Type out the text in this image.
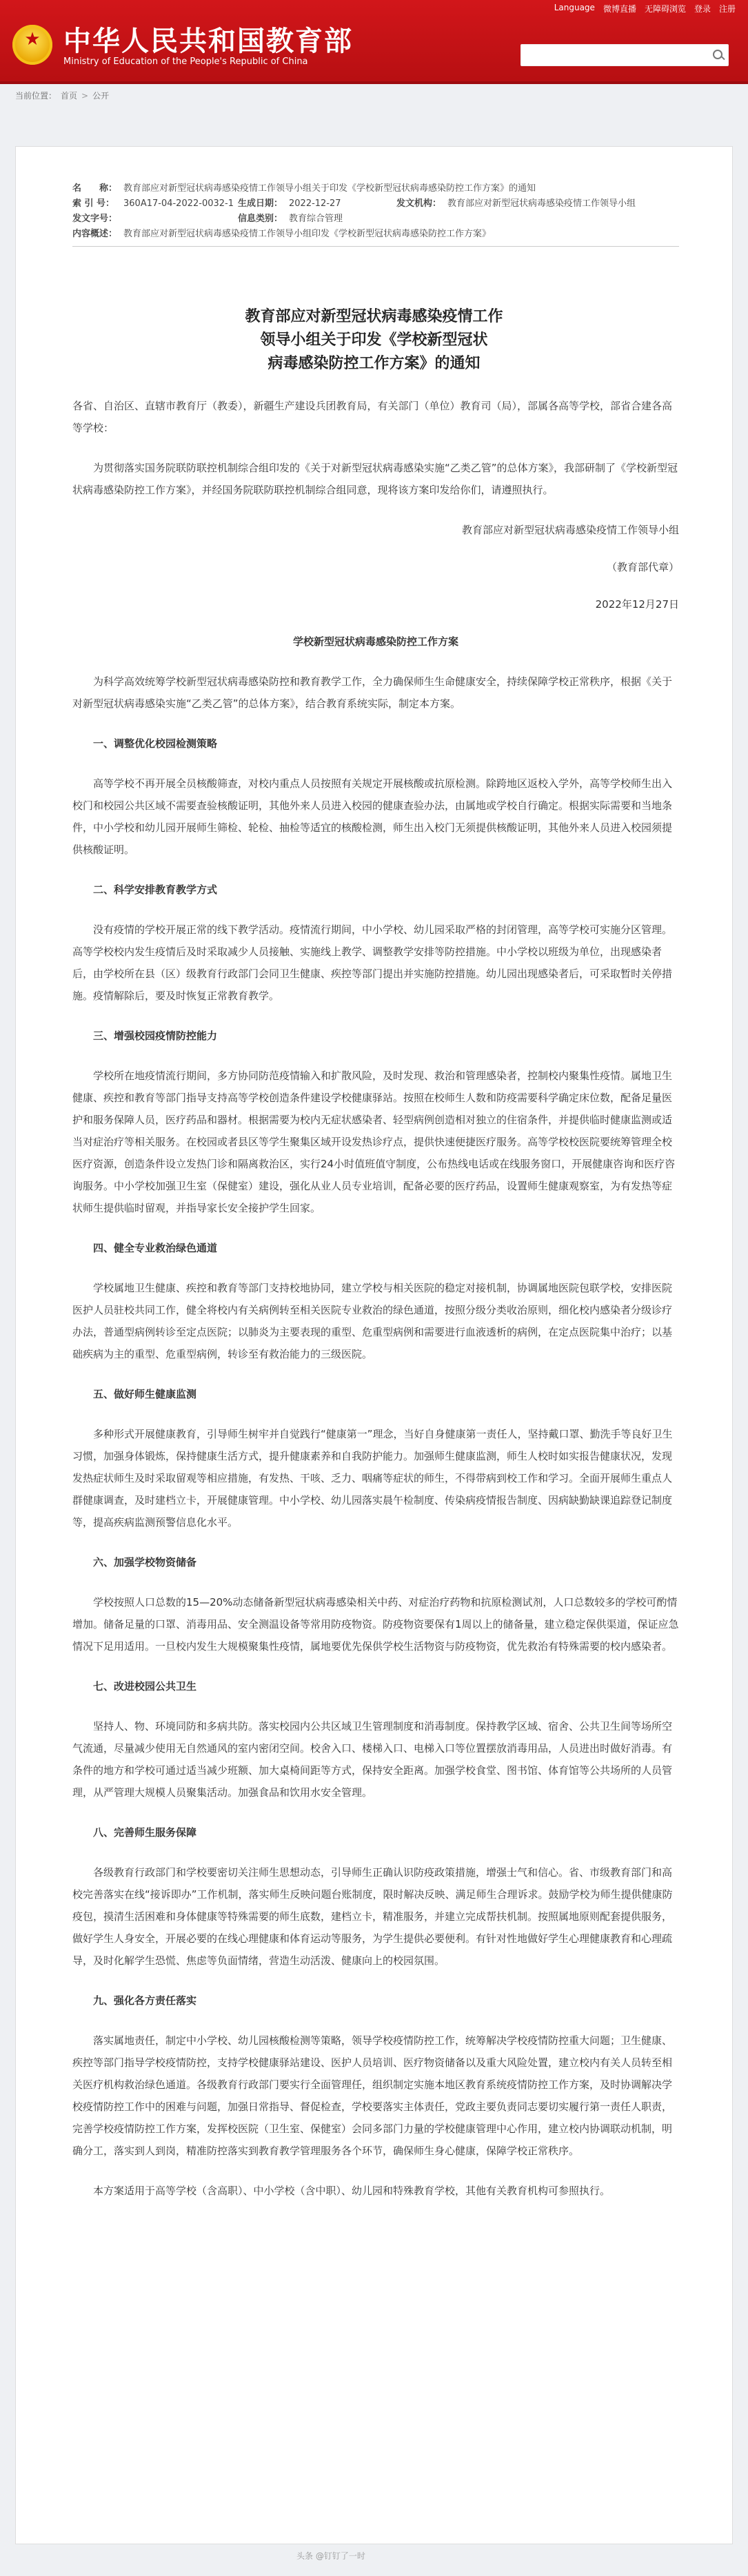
Language 微博直播 无障碍浏览 登录 注册
★
中华人民共和国教育部
Ministry of Education of the People's Republic of China
当前位置： 首页 > 公开
名　　称： 教育部应对新型冠状病毒感染疫情工作领导小组关于印发《学校新型冠状病毒感染防控工作方案》的通知
索 引 号： 360A17-04-2022-0032-1 生成日期： 2022-12-27	发文机构： 教育部应对新型冠状病毒感染疫情工作领导小组
发文字号：	信息类别： 教育综合管理
内容概述： 教育部应对新型冠状病毒感染疫情工作领导小组印发《学校新型冠状病毒感染防控工作方案》
教育部应对新型冠状病毒感染疫情工作
领导小组关于印发《学校新型冠状
病毒感染防控工作方案》的通知

各省、自治区、直辖市教育厅（教委），新疆生产建设兵团教育局，有关部门（单位）教育司（局），部属各高等学校，部省合建各高等学校：

为贯彻落实国务院联防联控机制综合组印发的《关于对新型冠状病毒感染实施“乙类乙管”的总体方案》，我部研制了《学校新型冠状病毒感染防控工作方案》，并经国务院联防联控机制综合组同意，现将该方案印发给你们，请遵照执行。

教育部应对新型冠状病毒感染疫情工作领导小组

（教育部代章）

2022年12月27日

学校新型冠状病毒感染防控工作方案

为科学高效统筹学校新型冠状病毒感染防控和教育教学工作，全力确保师生生命健康安全，持续保障学校正常秩序，根据《关于对新型冠状病毒感染实施“乙类乙管”的总体方案》，结合教育系统实际，制定本方案。

一、调整优化校园检测策略

高等学校不再开展全员核酸筛查，对校内重点人员按照有关规定开展核酸或抗原检测。除跨地区返校入学外，高等学校师生出入校门和校园公共区域不需要查验核酸证明，其他外来人员进入校园的健康查验办法，由属地或学校自行确定。根据实际需要和当地条件，中小学校和幼儿园开展师生筛检、轮检、抽检等适宜的核酸检测，师生出入校门无须提供核酸证明，其他外来人员进入校园须提供核酸证明。

二、科学安排教育教学方式

没有疫情的学校开展正常的线下教学活动。疫情流行期间，中小学校、幼儿园采取严格的封闭管理，高等学校可实施分区管理。高等学校校内发生疫情后及时采取减少人员接触、实施线上教学、调整教学安排等防控措施。中小学校以班级为单位，出现感染者后，由学校所在县（区）级教育行政部门会同卫生健康、疾控等部门提出并实施防控措施。幼儿园出现感染者后，可采取暂时关停措施。疫情解除后，要及时恢复正常教育教学。

三、增强校园疫情防控能力

学校所在地疫情流行期间，多方协同防范疫情输入和扩散风险，及时发现、救治和管理感染者，控制校内聚集性疫情。属地卫生健康、疾控和教育等部门指导支持高等学校创造条件建设学校健康驿站。按照在校师生人数和防疫需要科学确定床位数，配备足量医护和服务保障人员，医疗药品和器材。根据需要为校内无症状感染者、轻型病例创造相对独立的住宿条件，并提供临时健康监测或适当对症治疗等相关服务。在校园或者县区等学生聚集区域开设发热诊疗点，提供快速便捷医疗服务。高等学校校医院要统筹管理全校医疗资源，创造条件设立发热门诊和隔离救治区，实行24小时值班值守制度，公布热线电话或在线服务窗口，开展健康咨询和医疗咨询服务。中小学校加强卫生室（保健室）建设，强化从业人员专业培训，配备必要的医疗药品，设置师生健康观察室，为有发热等症状师生提供临时留观，并指导家长安全接护学生回家。

四、健全专业救治绿色通道

学校属地卫生健康、疾控和教育等部门支持校地协同，建立学校与相关医院的稳定对接机制，协调属地医院包联学校，安排医院医护人员驻校共同工作，健全将校内有关病例转至相关医院专业救治的绿色通道，按照分级分类收治原则，细化校内感染者分级诊疗办法，普通型病例转诊至定点医院；以肺炎为主要表现的重型、危重型病例和需要进行血液透析的病例，在定点医院集中治疗；以基础疾病为主的重型、危重型病例，转诊至有救治能力的三级医院。

五、做好师生健康监测

多种形式开展健康教育，引导师生树牢并自觉践行“健康第一”理念，当好自身健康第一责任人，坚持戴口罩、勤洗手等良好卫生习惯，加强身体锻炼，保持健康生活方式，提升健康素养和自我防护能力。加强师生健康监测，师生人校时如实报告健康状况，发现发热症状师生及时采取留观等相应措施，有发热、干咳、乏力、咽痛等症状的师生，不得带病到校工作和学习。全面开展师生重点人群健康调查，及时建档立卡，开展健康管理。中小学校、幼儿园落实晨午检制度、传染病疫情报告制度、因病缺勤缺课追踪登记制度等，提高疾病监测预警信息化水平。

六、加强学校物资储备

学校按照人口总数的15—20%动态储备新型冠状病毒感染相关中药、对症治疗药物和抗原检测试剂，人口总数较多的学校可酌情增加。储备足量的口罩、消毒用品、安全测温设备等常用防疫物资。防疫物资要保有1周以上的储备量，建立稳定保供渠道，保证应急情况下足用适用。一旦校内发生大规模聚集性疫情，属地要优先保供学校生活物资与防疫物资，优先救治有特殊需要的校内感染者。

七、改进校园公共卫生

坚持人、物、环境同防和多病共防。落实校园内公共区域卫生管理制度和消毒制度。保持教学区域、宿舍、公共卫生间等场所空气流通，尽量减少使用无自然通风的室内密闭空间。校舍入口、楼梯入口、电梯入口等位置摆放消毒用品，人员进出时做好消毒。有条件的地方和学校可通过适当减少班额、加大桌椅间距等方式，保持安全距离。加强学校食堂、图书馆、体育馆等公共场所的人员管理，从严管理大规模人员聚集活动。加强食品和饮用水安全管理。

八、完善师生服务保障

各级教育行政部门和学校要密切关注师生思想动态，引导师生正确认识防疫政策措施，增强士气和信心。省、市级教育部门和高校完善落实在线“接诉即办”工作机制，落实师生反映问题台账制度，限时解决反映、满足师生合理诉求。鼓励学校为师生提供健康防疫包，摸清生活困难和身体健康等特殊需要的师生底数，建档立卡，精准服务，并建立完成帮扶机制。按照属地原则配套提供服务，做好学生人身安全，开展必要的在线心理健康和体育运动等服务，为学生提供必要便利。有针对性地做好学生心理健康教育和心理疏导，及时化解学生恐慌、焦虑等负面情绪，营造生动活泼、健康向上的校园氛围。

九、强化各方责任落实

落实属地责任，制定中小学校、幼儿园核酸检测等策略，领导学校疫情防控工作，统筹解决学校疫情防控重大问题；卫生健康、疾控等部门指导学校疫情防控，支持学校健康驿站建设、医护人员培训、医疗物资储备以及重大风险处置，建立校内有关人员转至相关医疗机构救治绿色通道。各级教育行政部门要实行全面管理任，组织制定实施本地区教育系统疫情防控工作方案，及时协调解决学校疫情防控工作中的困难与问题，加强日常指导、督促检查，学校要落实主体责任，党政主要负责同志要切实履行第一责任人职责，完善学校疫情防控工作方案，发挥校医院（卫生室、保健室）会同多部门力量的学校健康管理中心作用，建立校内协调联动机制，明确分工，落实到人到岗，精准防控落实到教育教学管理服务各个环节，确保师生身心健康，保障学校正常秩序。

本方案适用于高等学校（含高职）、中小学校（含中职）、幼儿园和特殊教育学校，其他有关教育机构可参照执行。

头条 @钉钉了一时
